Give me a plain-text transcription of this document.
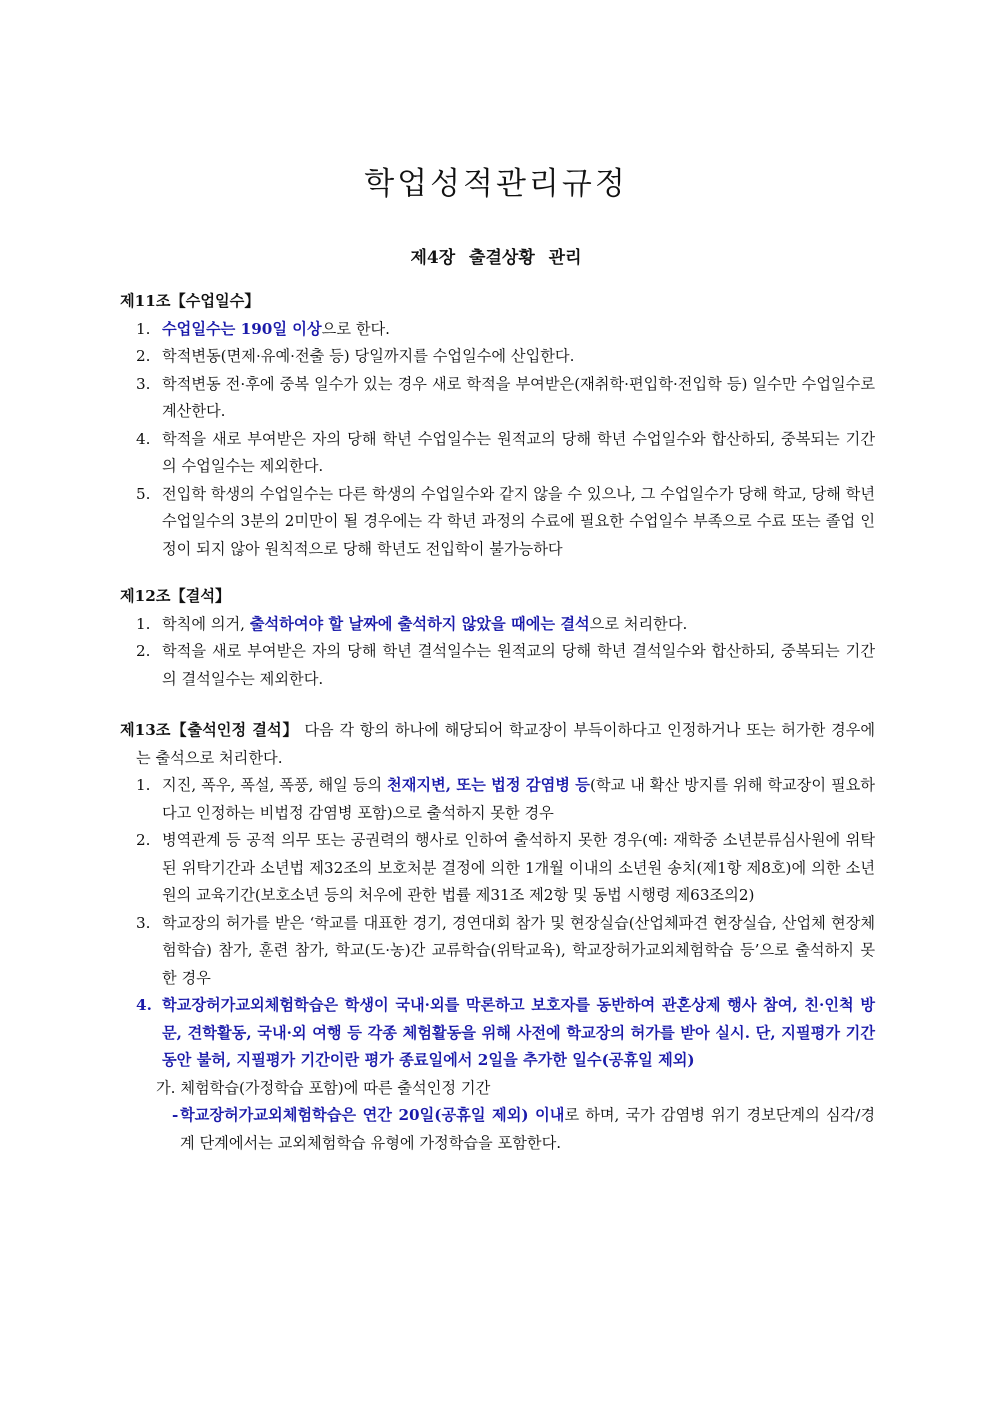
학업성적관리규정
제4장 출결상황 관리

제11조【수업일수】

1. 수업일수는 190일 이상으로 한다.
2. 학적변동(면제·유예·전출 등) 당일까지를 수업일수에 산입한다.
3. 학적변동 전·후에 중복 일수가 있는 경우 새로 학적을 부여받은(재취학·편입학·전입학 등) 일수만 수업일수로 계산한다.
4. 학적을 새로 부여받은 자의 당해 학년 수업일수는 원적교의 당해 학년 수업일수와 합산하되, 중복되는 기간의 수업일수는 제외한다.
5. 전입학 학생의 수업일수는 다른 학생의 수업일수와 같지 않을 수 있으나, 그 수업일수가 당해 학교, 당해 학년 수업일수의 3분의 2미만이 될 경우에는 각 학년 과정의 수료에 필요한 수업일수 부족으로 수료 또는 졸업 인정이 되지 않아 원칙적으로 당해 학년도 전입학이 불가능하다

제12조【결석】

1. 학칙에 의거, 출석하여야 할 날짜에 출석하지 않았을 때에는 결석으로 처리한다.
2. 학적을 새로 부여받은 자의 당해 학년 결석일수는 원적교의 당해 학년 결석일수와 합산하되, 중복되는 기간의 결석일수는 제외한다.

제13조【출석인정 결석】 다음 각 항의 하나에 해당되어 학교장이 부득이하다고 인정하거나 또는 허가한 경우에는 출석으로 처리한다.

1. 지진, 폭우, 폭설, 폭풍, 해일 등의 천재지변, 또는 법정 감염병 등(학교 내 확산 방지를 위해 학교장이 필요하다고 인정하는 비법정 감염병 포함)으로 출석하지 못한 경우
2. 병역관계 등 공적 의무 또는 공권력의 행사로 인하여 출석하지 못한 경우(예: 재학중 소년분류심사원에 위탁된 위탁기간과 소년법 제32조의 보호처분 결정에 의한 1개월 이내의 소년원 송치(제1항 제8호)에 의한 소년원의 교육기간(보호소년 등의 처우에 관한 법률 제31조 제2항 및 동법 시행령 제63조의2)
3. 학교장의 허가를 받은 ‘학교를 대표한 경기, 경연대회 참가 및 현장실습(산업체파견 현장실습, 산업체 현장체험학습) 참가, 훈련 참가, 학교(도·농)간 교류학습(위탁교육), 학교장허가교외체험학습 등’으로 출석하지 못한 경우
4. 학교장허가교외체험학습은 학생이 국내·외를 막론하고 보호자를 동반하여 관혼상제 행사 참여, 친·인척 방문, 견학활동, 국내·외 여행 등 각종 체험활동을 위해 사전에 학교장의 허가를 받아 실시. 단, 지필평가 기간 동안 불허, 지필평가 기간이란 평가 종료일에서 2일을 추가한 일수(공휴일 제외)
가. 체험학습(가정학습 포함)에 따른 출석인정 기간
- 학교장허가교외체험학습은 연간 20일(공휴일 제외) 이내로 하며, 국가 감염병 위기 경보단계의 심각/경계 단계에서는 교외체험학습 유형에 가정학습을 포함한다.
